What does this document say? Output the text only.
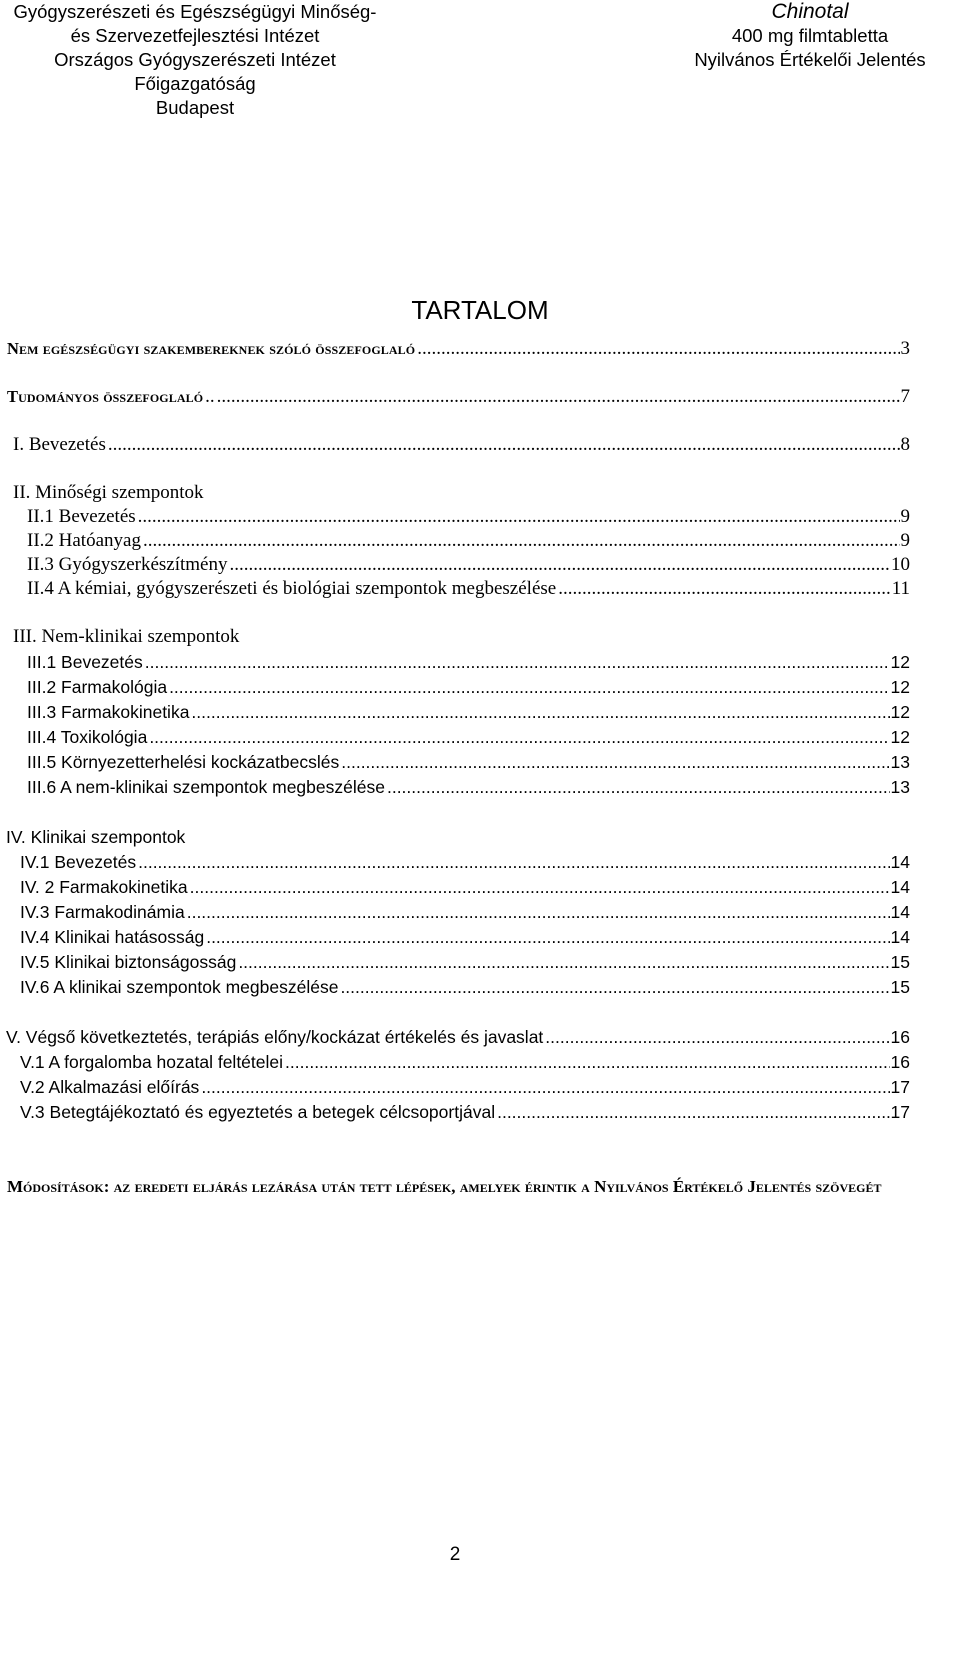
Gyógyszerészeti és Egészségügyi Minőség-
és Szervezetfejlesztési Intézet
Országos Gyógyszerészeti Intézet
Főigazgatóság
Budapest
Chinotal
400 mg filmtabletta
Nyilvános Értékelői Jelentés
TARTALOM
Nem egészségügyi szakembereknek szóló összefoglaló .....	3
Tudományos összefoglaló .. .....	7
I. Bevezetés .....	8
II. Minőségi szempontok
II.1 Bevezetés .....	9
II.2 Hatóanyag .....	9
II.3 Gyógyszerkészítmény .....	10
II.4 A kémiai, gyógyszerészeti és biológiai szempontok megbeszélése .....	11
III. Nem-klinikai szempontok
III.1 Bevezetés .....	12
III.2 Farmakológia .....	12
III.3 Farmakokinetika .....	12
III.4 Toxikológia .....	12
III.5 Környezetterhelési kockázatbecslés .....	13
III.6 A nem-klinikai szempontok megbeszélése .....	13
IV. Klinikai szempontok
IV.1 Bevezetés .....	14
IV. 2 Farmakokinetika .....	14
IV.3 Farmakodinámia .....	14
IV.4 Klinikai hatásosság .....	14
IV.5 Klinikai biztonságosság .....	15
IV.6 A klinikai szempontok megbeszélése .....	15
V. Végső következtetés, terápiás előny/kockázat értékelés és javaslat .....	16
V.1 A forgalomba hozatal feltételei .....	16
V.2 Alkalmazási előírás .....	17
V.3 Betegtájékoztató és egyeztetés a betegek célcsoportjával .....	17
Módosítások: az eredeti eljárás lezárása után tett lépések, amelyek érintik a Nyilvános Értékelő Jelentés szövegét
2
